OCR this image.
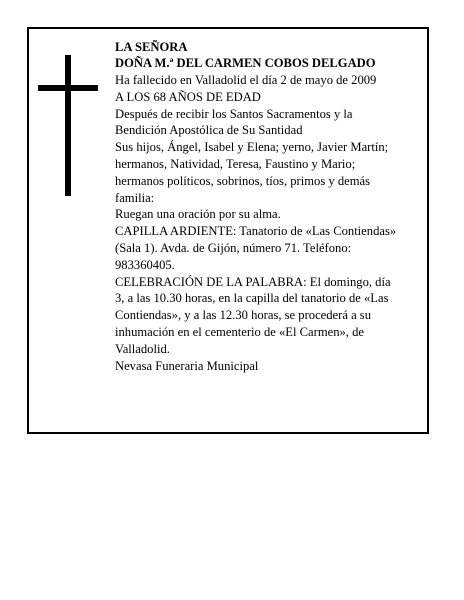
LA SEÑORA
DOÑA M.ª DEL CARMEN COBOS DELGADO
Ha fallecido en Valladolid el día 2 de mayo de 2009
A LOS 68 AÑOS DE EDAD
Después de recibir los Santos Sacramentos y la
Bendición Apostólica de Su Santidad
Sus hijos, Ángel, Isabel y Elena; yerno, Javier Martín;
hermanos, Natividad, Teresa, Faustino y Mario;
hermanos políticos, sobrinos, tíos, primos y demás
familia:
Ruegan una oración por su alma.
CAPILLA ARDIENTE: Tanatorio de «Las Contiendas»
(Sala 1). Avda. de Gijón, número 71. Teléfono:
983360405.
CELEBRACIÓN DE LA PALABRA: El domingo, día
3, a las 10.30 horas, en la capilla del tanatorio de «Las
Contiendas», y a las 12.30 horas, se procederá a su
inhumación en el cementerio de «El Carmen», de
Valladolid.
Nevasa Funeraria Municipal
